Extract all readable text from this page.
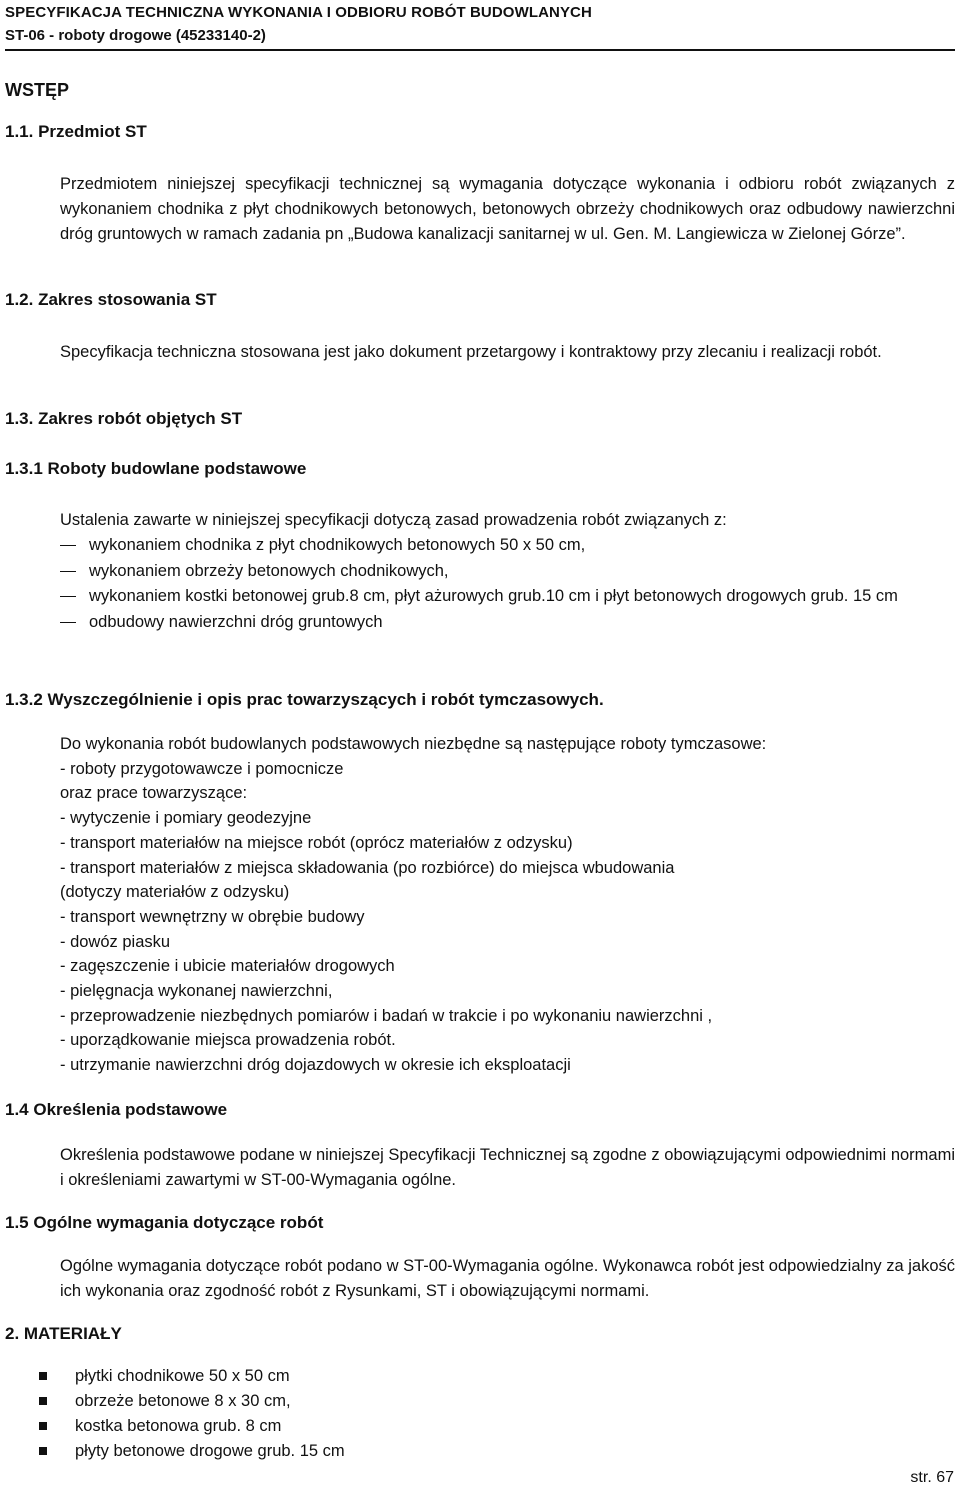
SPECYFIKACJA TECHNICZNA WYKONANIA I ODBIORU ROBÓT BUDOWLANYCH
ST-06 - roboty drogowe (45233140-2)
WSTĘP
1.1. Przedmiot ST
Przedmiotem niniejszej specyfikacji technicznej są wymagania dotyczące wykonania i odbioru robót związanych z wykonaniem chodnika z płyt chodnikowych betonowych, betonowych obrzeży chodnikowych oraz odbudowy nawierzchni dróg gruntowych w ramach zadania pn „Budowa kanalizacji sanitarnej w ul. Gen. M. Langiewicza w Zielonej Górze”.
1.2. Zakres stosowania ST
Specyfikacja techniczna stosowana jest jako dokument przetargowy i kontraktowy przy zlecaniu i realizacji robót.
1.3. Zakres robót objętych ST
1.3.1 Roboty budowlane podstawowe
Ustalenia zawarte w niniejszej specyfikacji dotyczą zasad prowadzenia robót związanych z:
wykonaniem chodnika z płyt chodnikowych betonowych 50 x 50 cm,
wykonaniem obrzeży betonowych chodnikowych,
wykonaniem kostki betonowej grub.8 cm, płyt ażurowych grub.10 cm i płyt betonowych drogowych grub. 15 cm
odbudowy nawierzchni dróg gruntowych
1.3.2 Wyszczególnienie i opis prac towarzyszących i robót tymczasowych.
Do wykonania robót budowlanych podstawowych niezbędne są następujące roboty tymczasowe:
- roboty przygotowawcze i pomocnicze
oraz prace towarzyszące:
- wytyczenie i pomiary geodezyjne
- transport materiałów na miejsce robót (oprócz materiałów z odzysku)
- transport materiałów z miejsca składowania (po rozbiórce) do miejsca wbudowania
(dotyczy materiałów z odzysku)
- transport wewnętrzny w obrębie budowy
- dowóz piasku
- zagęszczenie i ubicie materiałów drogowych
- pielęgnacja wykonanej nawierzchni,
- przeprowadzenie niezbędnych pomiarów i badań w trakcie i po wykonaniu nawierzchni ,
- uporządkowanie miejsca prowadzenia robót.
- utrzymanie nawierzchni dróg dojazdowych w okresie ich eksploatacji
1.4 Określenia podstawowe
Określenia podstawowe podane w niniejszej Specyfikacji Technicznej są zgodne z obowiązującymi odpowiednimi normami i określeniami zawartymi w ST-00-Wymagania ogólne.
1.5 Ogólne wymagania dotyczące robót
Ogólne wymagania dotyczące robót podano w ST-00-Wymagania ogólne. Wykonawca robót jest odpowiedzialny za jakość ich wykonania oraz zgodność robót z Rysunkami, ST i obowiązującymi normami.
2. MATERIAŁY
płytki chodnikowe 50 x 50 cm
obrzeże betonowe 8 x 30 cm,
kostka betonowa grub. 8 cm
płyty betonowe drogowe grub. 15 cm
str. 67
